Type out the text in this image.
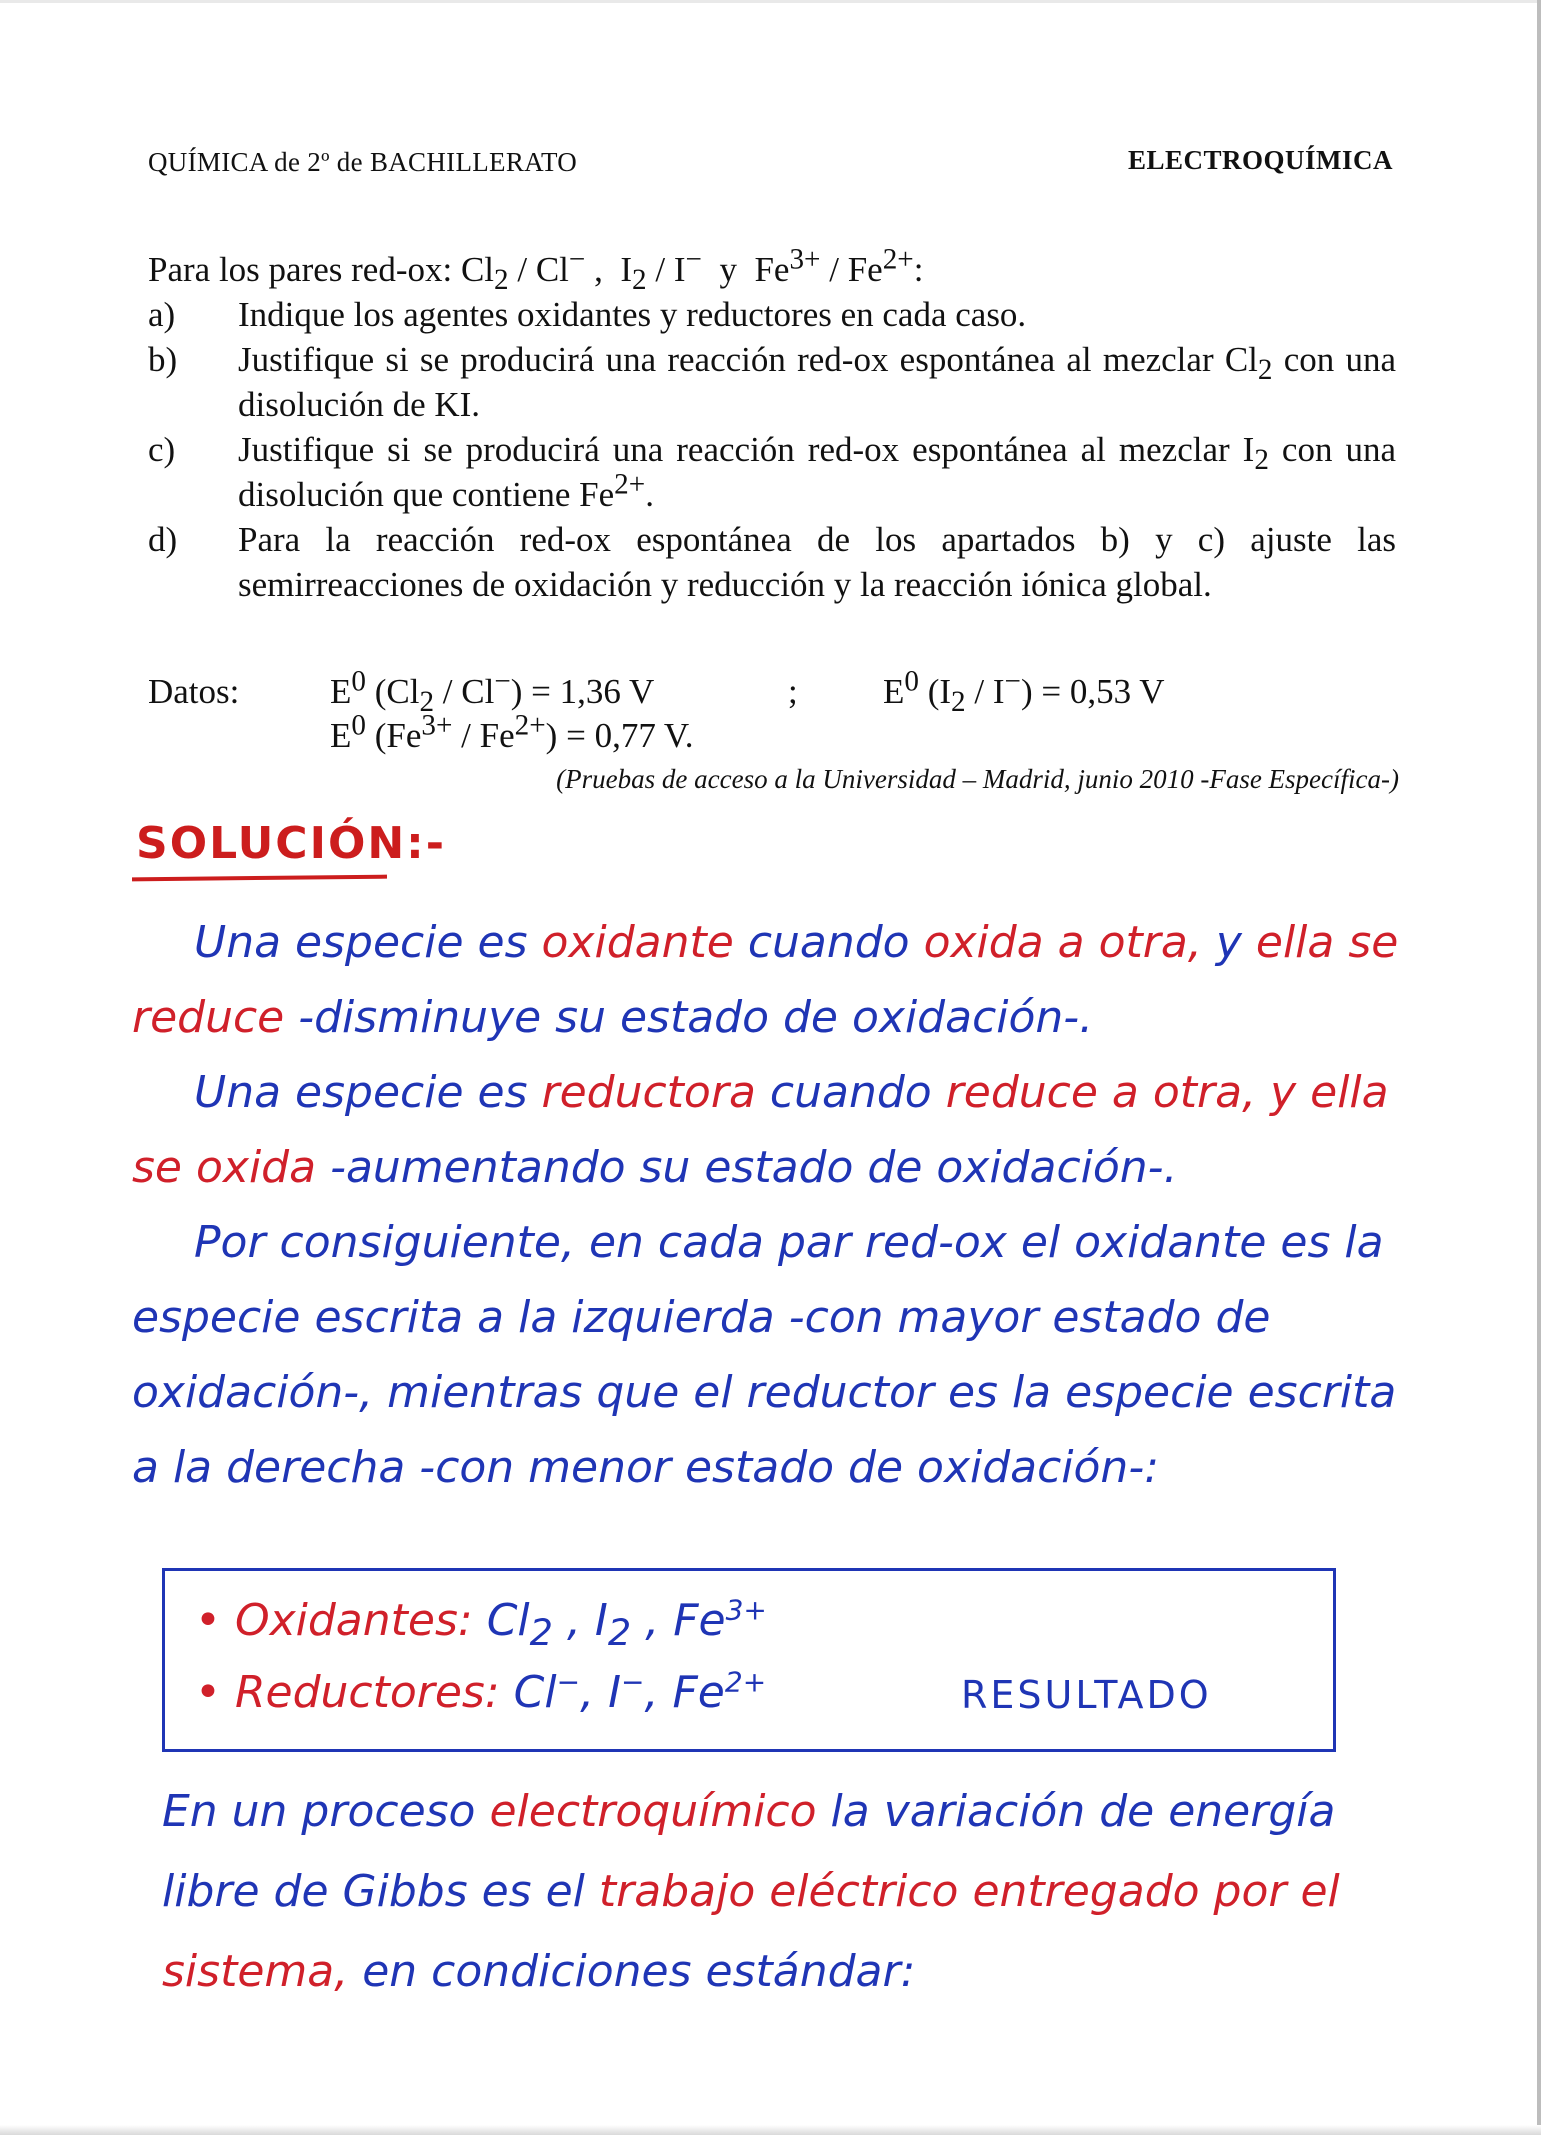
QUÍMICA de 2º de BACHILLERATO	ELECTROQUÍMICA
Para los pares red-ox: $Cl_2 / Cl^-$ ,  $I_2 / I^-$  y  $Fe^{3+} / Fe^{2+}$:
a) Indique los agentes oxidantes y reductores en cada caso.
b) Justifique si se producirá una reacción red-ox espontánea al mezclar $Cl_2$ con una disolución de KI.
c) Justifique si se producirá una reacción red-ox espontánea al mezclar $I_2$ con una disolución que contiene $Fe^{2+}$.
d) Para la reacción red-ox espontánea de los apartados b) y c) ajuste las semirreacciones de oxidación y reducción y la reacción iónica global.
Datos:	$E^0$ $(Cl_2 / Cl^-) = 1,36$ V	; $E^0$ $(I_2 / I^-) = 0,53$ V
$E^0$ $(Fe^{3+} / Fe^{2+}) = 0,77$ V.
(Pruebas de acceso a la Universidad – Madrid, junio 2010 -Fase Específica-)
SOLUCIÓN:-

Una especie es oxidante cuando oxida a otra, y ella se reduce -disminuye su estado de oxidación-.

Una especie es reductora cuando reduce a otra, y ella se oxida -aumentando su estado de oxidación-.

Por consiguiente, en cada par red-ox el oxidante es la especie escrita a la izquierda -con mayor estado de oxidación-, mientras que el reductor es la especie escrita a la derecha -con menor estado de oxidación-:

• Oxidantes: $Cl_2$ , $I_2$ , $Fe^{3+}$
• Reductores: Cl−, I−, $Fe^{2+}$	RESULTADO

En un proceso electroquímico la variación de energía libre de Gibbs es el trabajo eléctrico entregado por el sistema, en condiciones estándar:
